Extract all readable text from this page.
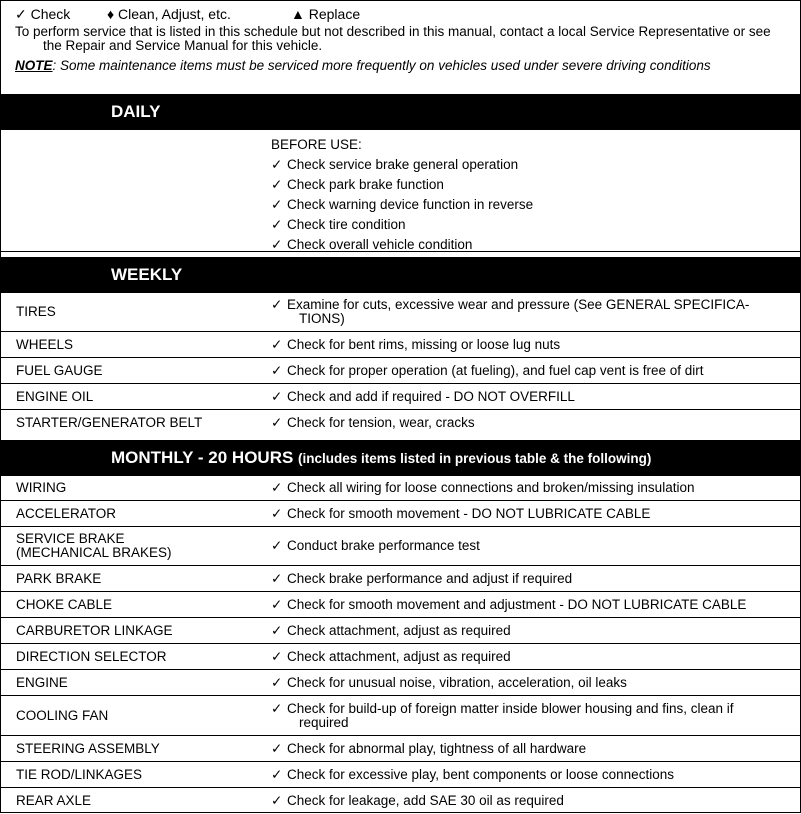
✓ Check	♦ Clean, Adjust, etc.	▲ Replace
To perform service that is listed in this schedule but not described in this manual, contact a local Service Representative or see
the Repair and Service Manual for this vehicle.
NOTE: Some maintenance items must be serviced more frequently on vehicles used under severe driving conditions
DAILY
BEFORE USE:
✓ Check service brake general operation
✓ Check park brake function
✓ Check warning device function in reverse
✓ Check tire condition
✓ Check overall vehicle condition
WEEKLY
TIRES	✓ Examine for cuts, excessive wear and pressure (See GENERAL SPECIFICA-
TIONS)
WHEELS	✓ Check for bent rims, missing or loose lug nuts
FUEL GAUGE	✓ Check for proper operation (at fueling), and fuel cap vent is free of dirt
ENGINE OIL	✓ Check and add if required - DO NOT OVERFILL
STARTER/GENERATOR BELT	✓ Check for tension, wear, cracks
MONTHLY - 20 HOURS (includes items listed in previous table & the following)
WIRING	✓ Check all wiring for loose connections and broken/missing insulation
ACCELERATOR	✓ Check for smooth movement - DO NOT LUBRICATE CABLE
SERVICE BRAKE
(MECHANICAL BRAKES)	✓ Conduct brake performance test
PARK BRAKE	✓ Check brake performance and adjust if required
CHOKE CABLE	✓ Check for smooth movement and adjustment - DO NOT LUBRICATE CABLE
CARBURETOR LINKAGE	✓ Check attachment, adjust as required
DIRECTION SELECTOR	✓ Check attachment, adjust as required
ENGINE	✓ Check for unusual noise, vibration, acceleration, oil leaks
COOLING FAN	✓ Check for build-up of foreign matter inside blower housing and fins, clean if
required
STEERING ASSEMBLY	✓ Check for abnormal play, tightness of all hardware
TIE ROD/LINKAGES	✓ Check for excessive play, bent components or loose connections
REAR AXLE	✓ Check for leakage, add SAE 30 oil as required
